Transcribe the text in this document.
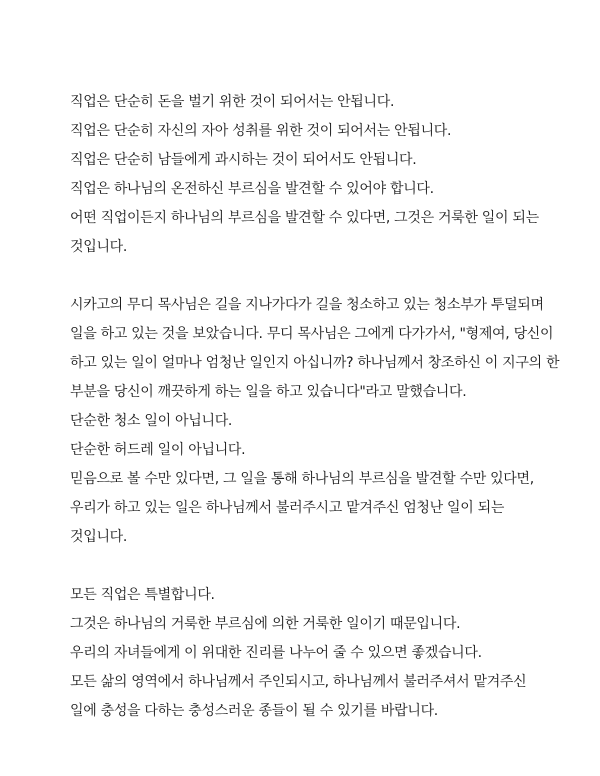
직업은 단순히 돈을 벌기 위한 것이 되어서는 안됩니다.
직업은 단순히 자신의 자아 성취를 위한 것이 되어서는 안됩니다.
직업은 단순히 남들에게 과시하는 것이 되어서도 안됩니다.
직업은 하나님의 온전하신 부르심을 발견할 수 있어야 합니다.
어떤 직업이든지 하나님의 부르심을 발견할 수 있다면, 그것은 거룩한 일이 되는
것입니다.
시카고의 무디 목사님은 길을 지나가다가 길을 청소하고 있는 청소부가 투덜되며
일을 하고 있는 것을 보았습니다. 무디 목사님은 그에게 다가가서, "형제여, 당신이
하고 있는 일이 얼마나 엄청난 일인지 아십니까? 하나님께서 창조하신 이 지구의 한
부분을 당신이 깨끗하게 하는 일을 하고 있습니다"라고 말했습니다.
단순한 청소 일이 아닙니다.
단순한 허드레 일이 아닙니다.
믿음으로 볼 수만 있다면, 그 일을 통해 하나님의 부르심을 발견할 수만 있다면,
우리가 하고 있는 일은 하나님께서 불러주시고 맡겨주신 엄청난 일이 되는
것입니다.
모든 직업은 특별합니다.
그것은 하나님의 거룩한 부르심에 의한 거룩한 일이기 때문입니다.
우리의 자녀들에게 이 위대한 진리를 나누어 줄 수 있으면 좋겠습니다.
모든 삶의 영역에서 하나님께서 주인되시고, 하나님께서 불러주셔서 맡겨주신
일에 충성을 다하는 충성스러운 종들이 될 수 있기를 바랍니다.
